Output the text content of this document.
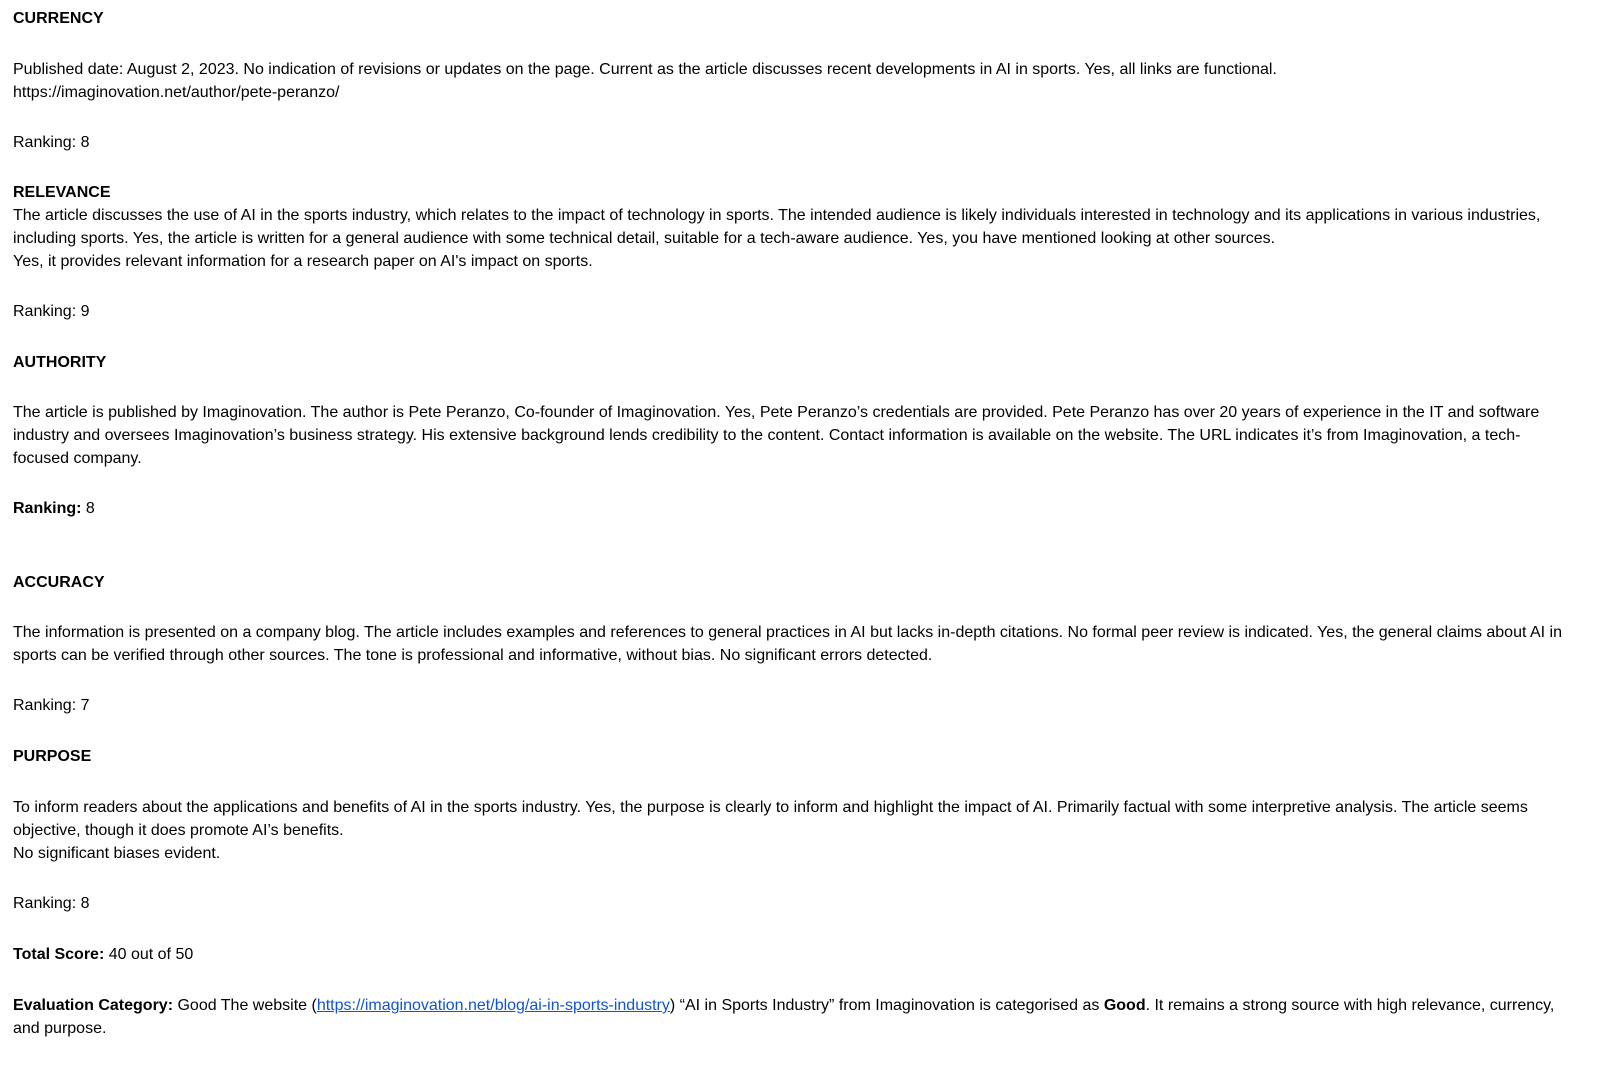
CURRENCY

Published date: August 2, 2023. No indication of revisions or updates on the page. Current as the article discusses recent developments in AI in sports. Yes, all links are functional.
https://imaginovation.net/author/pete-peranzo/

Ranking: 8

RELEVANCE

The article discusses the use of AI in the sports industry, which relates to the impact of technology in sports. The intended audience is likely individuals interested in technology and its applications in various industries, including sports. Yes, the article is written for a general audience with some technical detail, suitable for a tech-aware audience. Yes, you have mentioned looking at other sources.
Yes, it provides relevant information for a research paper on AI's impact on sports.

Ranking: 9

AUTHORITY

The article is published by Imaginovation. The author is Pete Peranzo, Co-founder of Imaginovation. Yes, Pete Peranzo’s credentials are provided. Pete Peranzo has over 20 years of experience in the IT and software industry and oversees Imaginovation’s business strategy. His extensive background lends credibility to the content. Contact information is available on the website. The URL indicates it’s from Imaginovation, a tech-focused company.

Ranking: 8

ACCURACY

The information is presented on a company blog. The article includes examples and references to general practices in AI but lacks in-depth citations. No formal peer review is indicated. Yes, the general claims about AI in sports can be verified through other sources. The tone is professional and informative, without bias. No significant errors detected.

Ranking: 7

PURPOSE

To inform readers about the applications and benefits of AI in the sports industry. Yes, the purpose is clearly to inform and highlight the impact of AI. Primarily factual with some interpretive analysis. The article seems objective, though it does promote AI’s benefits.
No significant biases evident.

Ranking: 8

Total Score: 40 out of 50

Evaluation Category: Good The website (https://imaginovation.net/blog/ai-in-sports-industry) “AI in Sports Industry” from Imaginovation is categorised as Good. It remains a strong source with high relevance, currency, and purpose.
